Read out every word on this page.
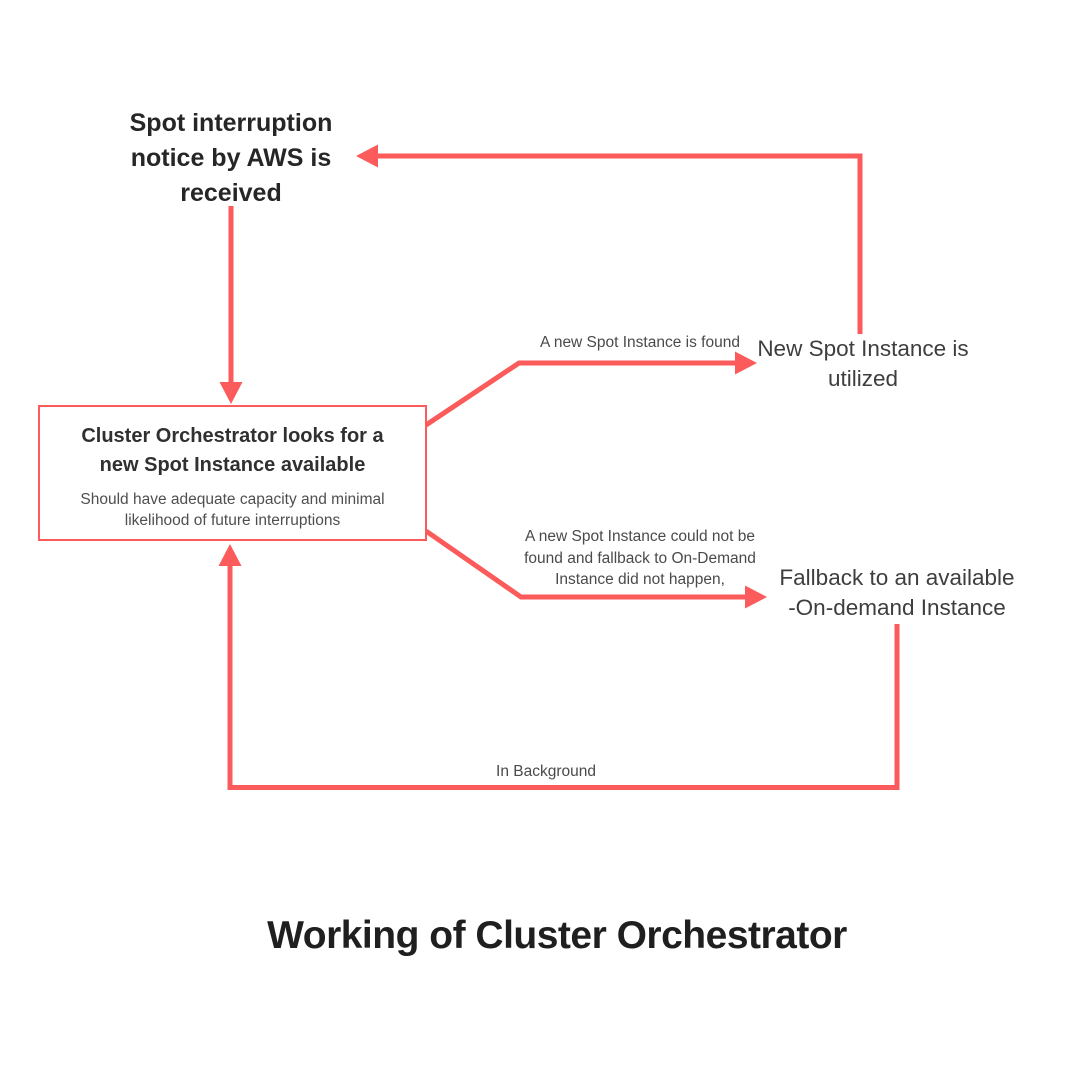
Spot interruption
notice by AWS is
received
Cluster Orchestrator looks for a
new Spot Instance available
Should have adequate capacity and minimal
likelihood of future interruptions
A new Spot Instance is found New Spot Instance is
utilized
A new Spot Instance could not be
found and fallback to On-Demand
Instance did not happen,	Fallback to an available
-On-demand Instance
In Background
Working of Cluster Orchestrator
